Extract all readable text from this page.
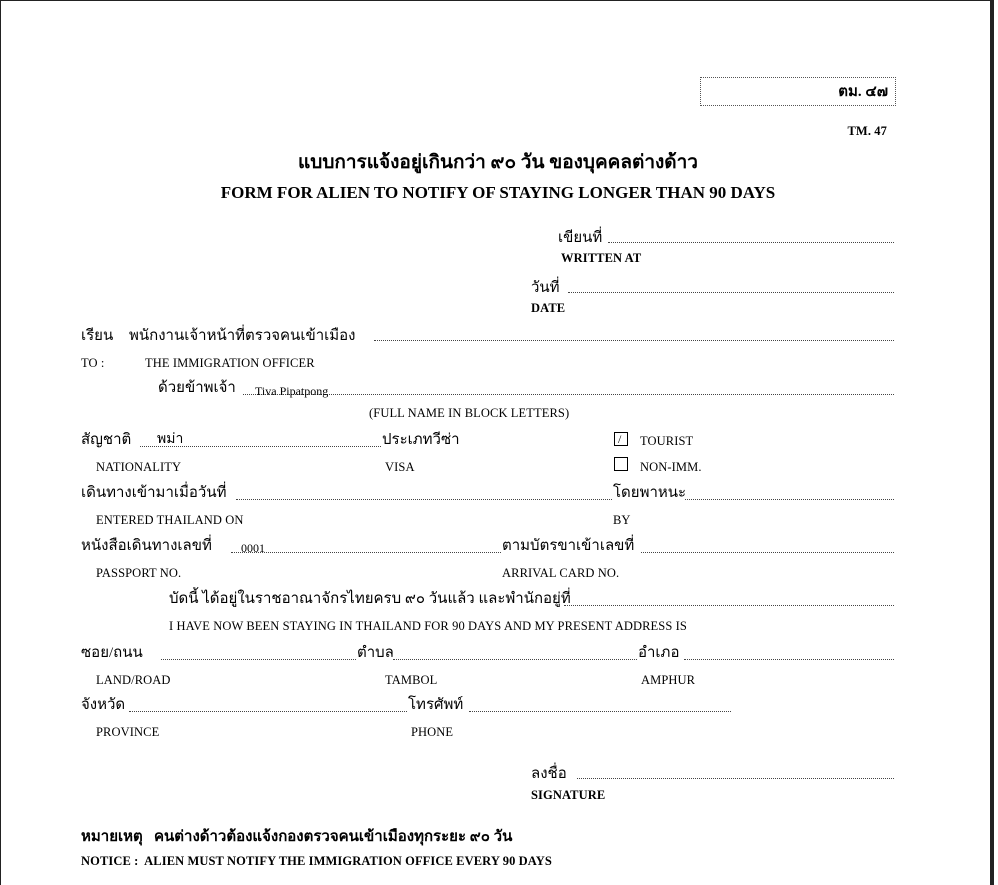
ตม. ๔๗
TM. 47
แบบการแจ้งอยู่เกินกว่า ๙๐ วัน ของบุคคลต่างด้าว
FORM FOR ALIEN TO NOTIFY OF STAYING LONGER THAN 90 DAYS
เขียนที่
WRITTEN AT
วันที่
DATE
เรียน พนักงานเจ้าหน้าที่ตรวจคนเข้าเมือง
TO :	THE IMMIGRATION OFFICER
ด้วยข้าพเจ้า Tiva Pipatpong
(FULL NAME IN BLOCK LETTERS)
สัญชาติ พม่า
NATIONALITY
ประเภทวีซ่า
VISA
/ TOURIST
NON-IMM.
เดินทางเข้ามาเมื่อวันที่
ENTERED THAILAND ON
โดยพาหนะ
BY
หนังสือเดินทางเลขที่ 0001
PASSPORT NO.
ตามบัตรขาเข้าเลขที่
ARRIVAL CARD NO.
บัดนี้ ได้อยู่ในราชอาณาจักรไทยครบ ๙๐ วันแล้ว และพำนักอยู่ที่
I HAVE NOW BEEN STAYING IN THAILAND FOR 90 DAYS AND MY PRESENT ADDRESS IS
ซอย/ถนน
LAND/ROAD
ตำบล
TAMBOL
อำเภอ
AMPHUR
จังหวัด
PROVINCE
โทรศัพท์
PHONE
ลงชื่อ
SIGNATURE
หมายเหตุ   คนต่างด้าวต้องแจ้งกองตรวจคนเข้าเมืองทุกระยะ ๙๐ วัน
NOTICE :  ALIEN MUST NOTIFY THE IMMIGRATION OFFICE EVERY 90 DAYS
